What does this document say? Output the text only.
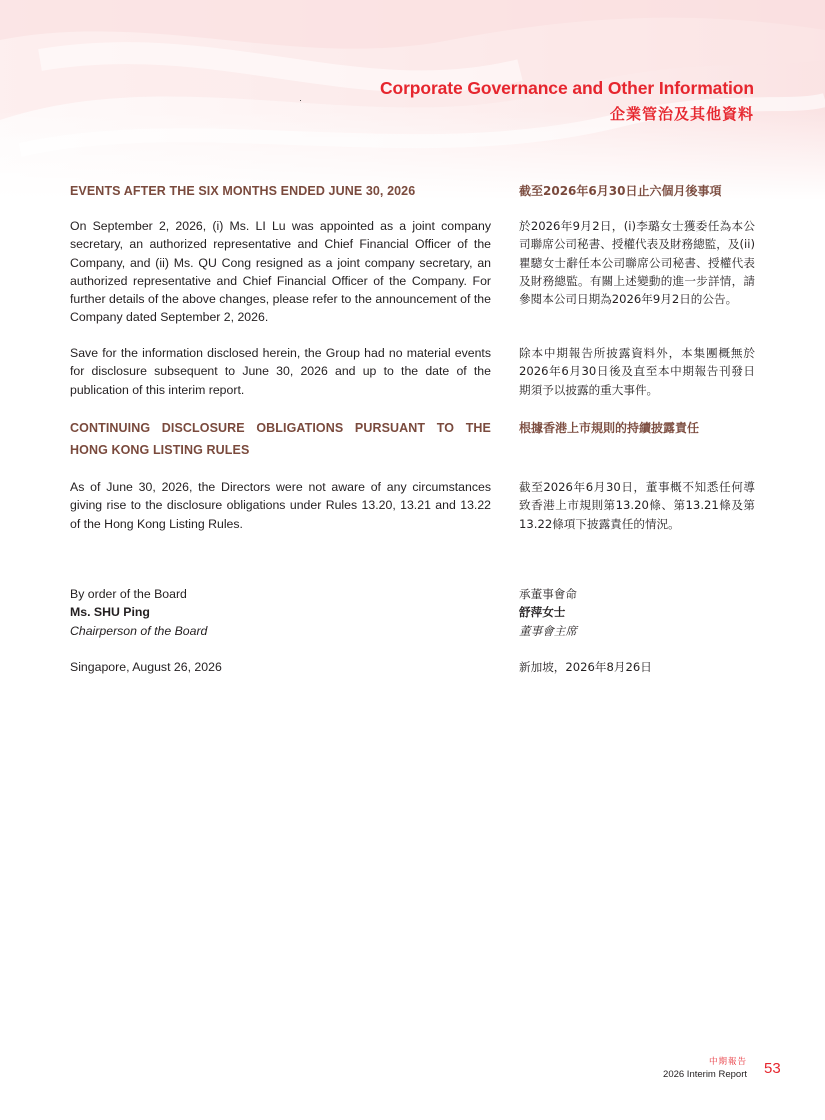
Corporate Governance and Other Information
企業管治及其他資料
EVENTS AFTER THE SIX MONTHS ENDED JUNE 30, 2026	截至2026年6月30日止六個月後事項
On September 2, 2026, (i) Ms. LI Lu was appointed as a joint company secretary, an authorized representative and Chief Financial Officer of the Company, and (ii) Ms. QU Cong resigned as a joint company secretary, an authorized representative and Chief Financial Officer of the Company. For further details of the above changes, please refer to the announcement of the Company dated September 2, 2026.
於2026年9月2日，(i)李璐女士獲委任為本公司聯席公司秘書、授權代表及財務總監，及(ii)瞿驄女士辭任本公司聯席公司秘書、授權代表及財務總監。有關上述變動的進一步詳情，請參閱本公司日期為2026年9月2日的公告。
Save for the information disclosed herein, the Group had no material events for disclosure subsequent to June 30, 2026 and up to the date of the publication of this interim report.
除本中期報告所披露資料外，本集團概無於2026年6月30日後及直至本中期報告刊發日期須予以披露的重大事件。
CONTINUING DISCLOSURE OBLIGATIONS PURSUANT TO THE HONG KONG LISTING RULES
根據香港上市規則的持續披露責任
As of June 30, 2026, the Directors were not aware of any circumstances giving rise to the disclosure obligations under Rules 13.20, 13.21 and 13.22 of the Hong Kong Listing Rules.
截至2026年6月30日，董事概不知悉任何導致香港上市規則第13.20條、第13.21條及第13.22條項下披露責任的情況。
By order of the Board
Ms. SHU Ping
Chairperson of the Board
Singapore, August 26, 2026
承董事會命
舒萍女士
董事會主席
新加坡，2026年8月26日
中期報告
2026 Interim Report 53
